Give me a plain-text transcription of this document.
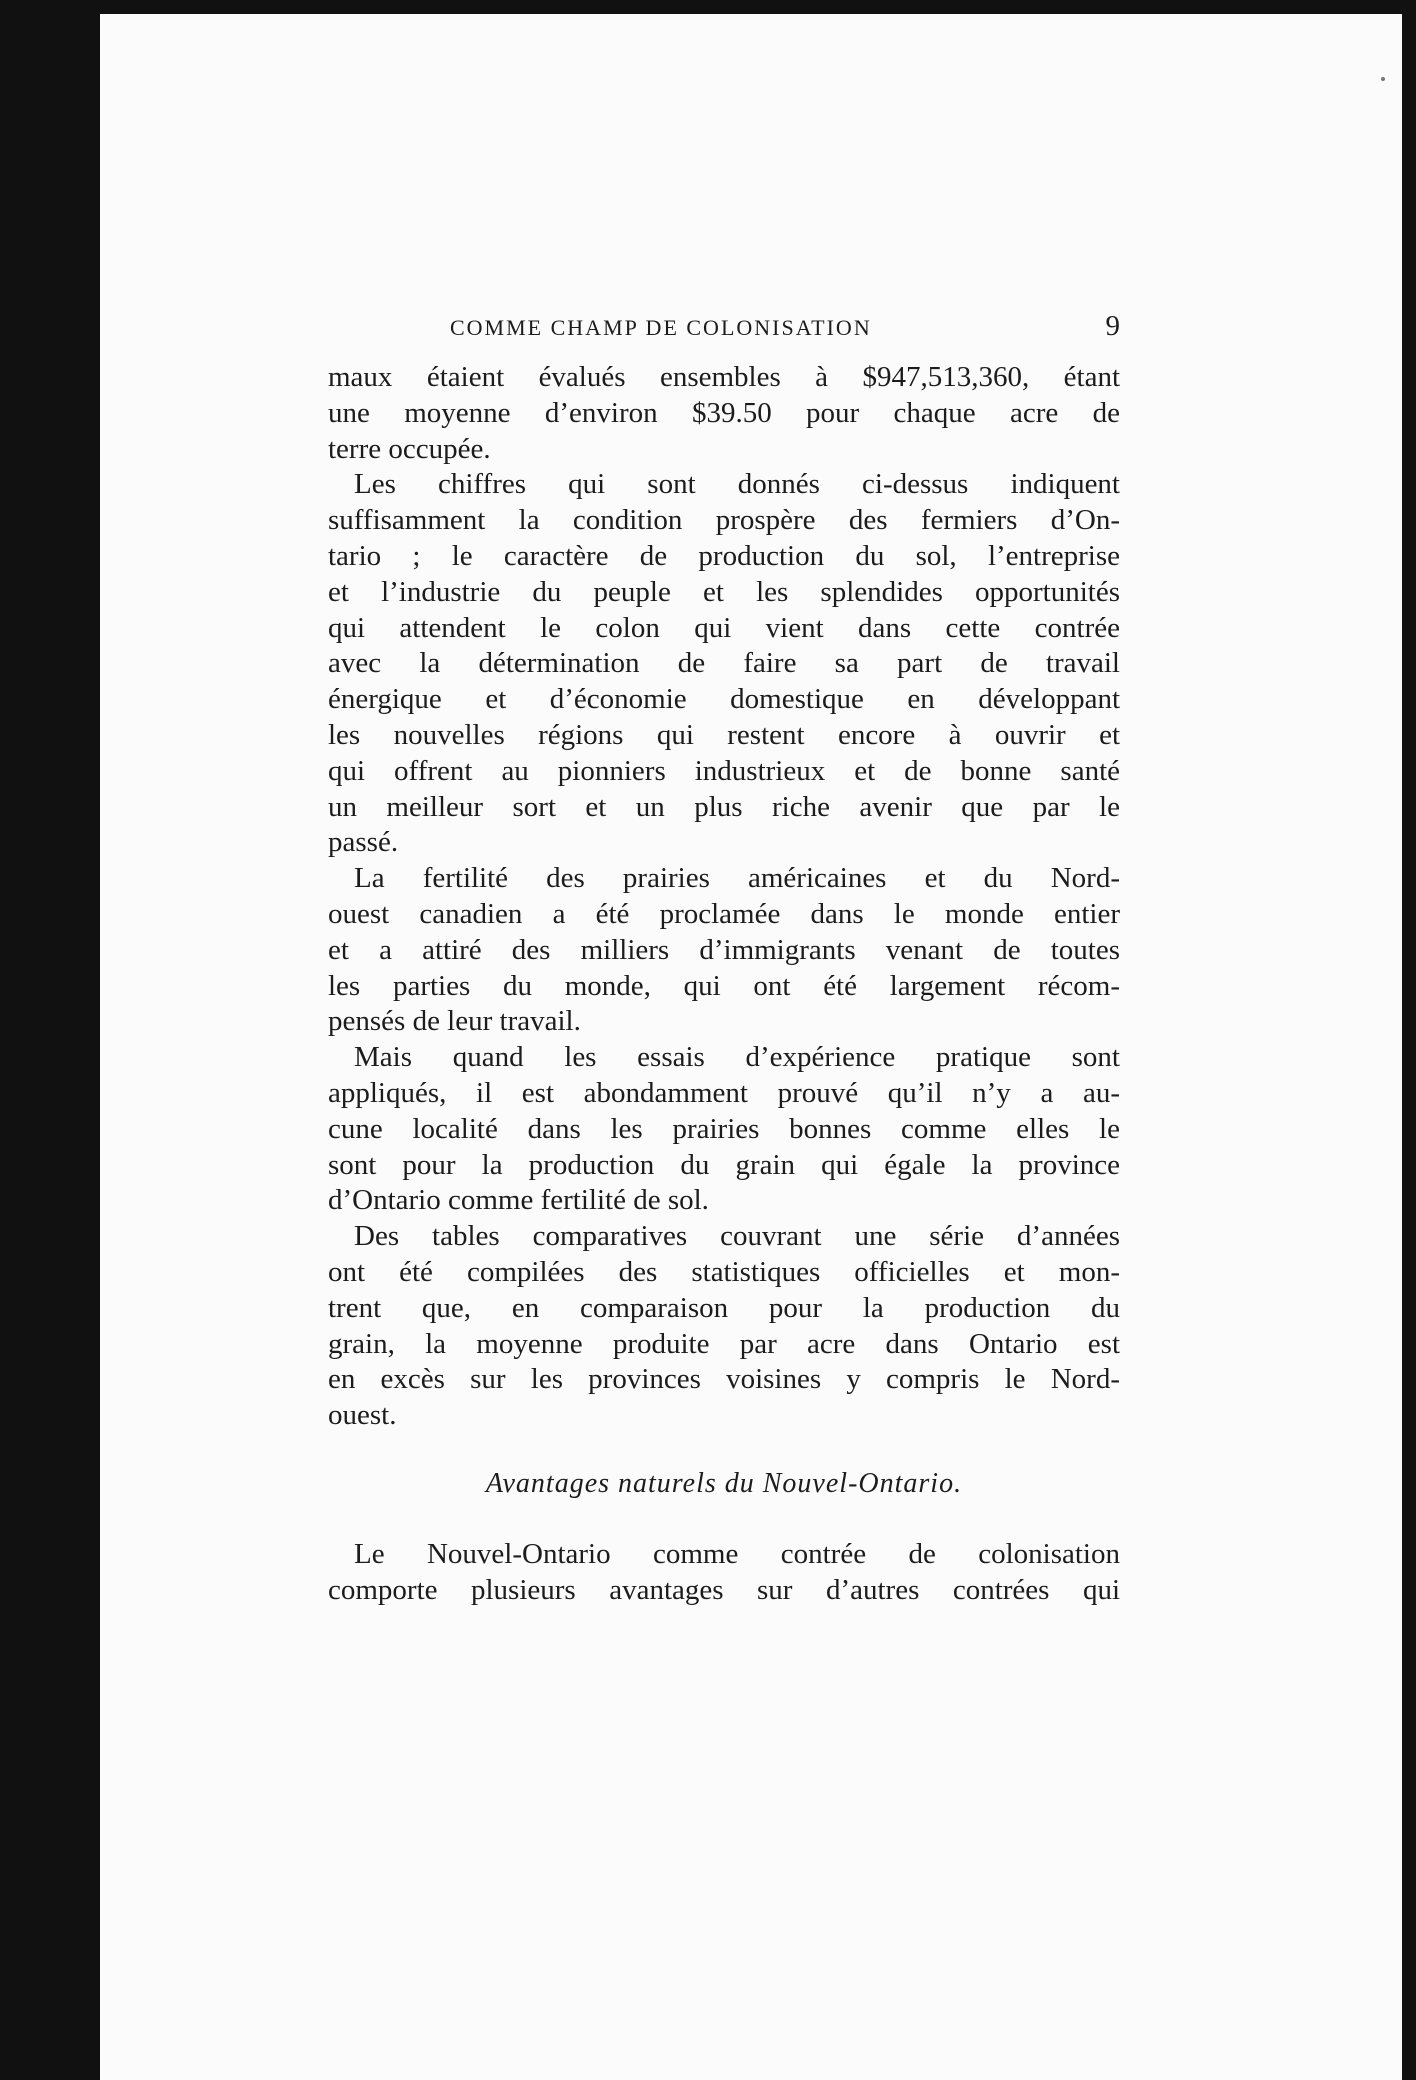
COMME CHAMP DE COLONISATION	9

maux étaient évalués ensembles à $947,513,360, étant
une moyenne d’environ $39.50 pour chaque acre de
terre occupée.

Les chiffres qui sont donnés ci-dessus indiquent
suffisamment la condition prospère des fermiers d’On-
tario ; le caractère de production du sol, l’entreprise
et l’industrie du peuple et les splendides opportunités
qui attendent le colon qui vient dans cette contrée
avec la détermination de faire sa part de travail
énergique et d’économie domestique en développant
les nouvelles régions qui restent encore à ouvrir et
qui offrent au pionniers industrieux et de bonne santé
un meilleur sort et un plus riche avenir que par le
passé.

La fertilité des prairies américaines et du Nord-
ouest canadien a été proclamée dans le monde entier
et a attiré des milliers d’immigrants venant de toutes
les parties du monde, qui ont été largement récom-
pensés de leur travail.

Mais quand les essais d’expérience pratique sont
appliqués, il est abondamment prouvé qu’il n’y a au-
cune localité dans les prairies bonnes comme elles le
sont pour la production du grain qui égale la province
d’Ontario comme fertilité de sol.

Des tables comparatives couvrant une série d’années
ont été compilées des statistiques officielles et mon-
trent que, en comparaison pour la production du
grain, la moyenne produite par acre dans Ontario est
en excès sur les provinces voisines y compris le Nord-
ouest.

Avantages naturels du Nouvel-Ontario.

Le Nouvel-Ontario comme contrée de colonisation
comporte plusieurs avantages sur d’autres contrées qui
